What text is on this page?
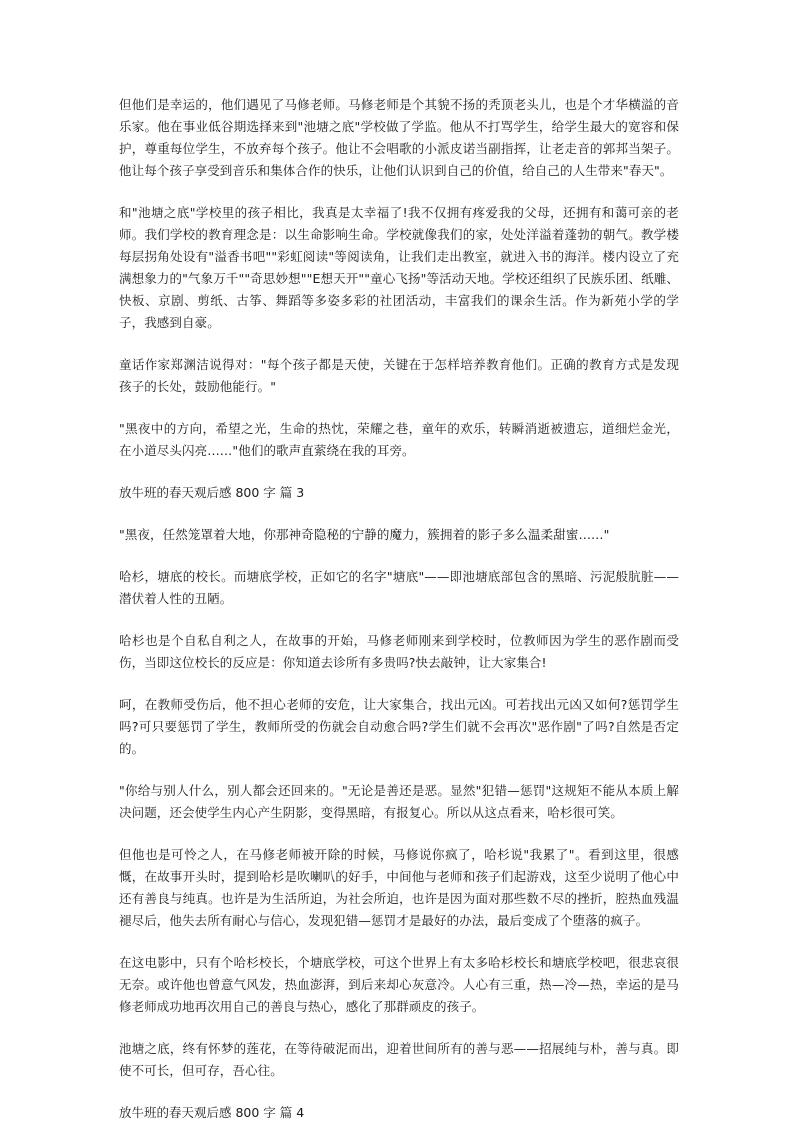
但他们是幸运的，他们遇见了马修老师。马修老师是个其貌不扬的秃顶老头儿，也是个才华横溢的音乐家。他在事业低谷期选择来到"池塘之底"学校做了学监。他从不打骂学生，给学生最大的宽容和保护，尊重每位学生，不放弃每个孩子。他让不会唱歌的小派皮诺当副指挥，让老走音的郭邦当架子。他让每个孩子享受到音乐和集体合作的快乐，让他们认识到自己的价值，给自己的人生带来"春天"。

和"池塘之底"学校里的孩子相比，我真是太幸福了!我不仅拥有疼爱我的父母，还拥有和蔼可亲的老师。我们学校的教育理念是：以生命影响生命。学校就像我们的家，处处洋溢着蓬勃的朝气。教学楼每层拐角处设有"溢香书吧""彩虹阅读"等阅读角，让我们走出教室，就进入书的海洋。楼内设立了充满想象力的"气象万千""奇思妙想""E想天开""童心飞扬"等活动天地。学校还组织了民族乐团、纸雕、快板、京剧、剪纸、古筝、舞蹈等多姿多彩的社团活动，丰富我们的课余生活。作为新苑小学的学子，我感到自豪。

童话作家郑渊洁说得对："每个孩子都是天使，关键在于怎样培养教育他们。正确的教育方式是发现孩子的长处，鼓励他能行。"

"黑夜中的方向，希望之光，生命的热忱，荣耀之巷，童年的欢乐，转瞬消逝被遗忘，道细烂金光，在小道尽头闪亮……"他们的歌声直萦绕在我的耳旁。

放牛班的春天观后感 800 字 篇 3

"黑夜，任然笼罩着大地，你那神奇隐秘的宁静的魔力，簇拥着的影子多么温柔甜蜜……"

哈杉，塘底的校长。而塘底学校，正如它的名字"塘底"——即池塘底部包含的黑暗、污泥般肮脏——潜伏着人性的丑陋。

哈杉也是个自私自利之人，在故事的开始，马修老师刚来到学校时，位教师因为学生的恶作剧而受伤，当即这位校长的反应是：你知道去诊所有多贵吗?快去敲钟，让大家集合!

呵，在教师受伤后，他不担心老师的安危，让大家集合，找出元凶。可若找出元凶又如何?惩罚学生吗?可只要惩罚了学生，教师所受的伤就会自动愈合吗?学生们就不会再次"恶作剧"了吗?自然是否定的。

"你给与别人什么，别人都会还回来的。"无论是善还是恶。显然"犯错—惩罚"这规矩不能从本质上解决问题，还会使学生内心产生阴影，变得黑暗，有报复心。所以从这点看来，哈杉很可笑。

但他也是可怜之人，在马修老师被开除的时候，马修说你疯了，哈杉说"我累了"。看到这里，很感慨，在故事开头时，提到哈杉是吹喇叭的好手，中间他与老师和孩子们起游戏，这至少说明了他心中还有善良与纯真。也许是为生活所迫，为社会所迫，也许是因为面对那些数不尽的挫折，腔热血残温褪尽后，他失去所有耐心与信心，发现犯错—惩罚才是最好的办法，最后变成了个堕落的疯子。

在这电影中，只有个哈杉校长，个塘底学校，可这个世界上有太多哈杉校长和塘底学校吧，很悲哀很无奈。或许他也曾意气风发，热血澎湃，到后来却心灰意冷。人心有三重，热—冷—热，幸运的是马修老师成功地再次用自己的善良与热心，感化了那群顽皮的孩子。

池塘之底，终有怀梦的莲花，在等待破泥而出，迎着世间所有的善与恶——招展纯与朴，善与真。即使不可长，但可存，吾心往。

放牛班的春天观后感 800 字 篇 4
